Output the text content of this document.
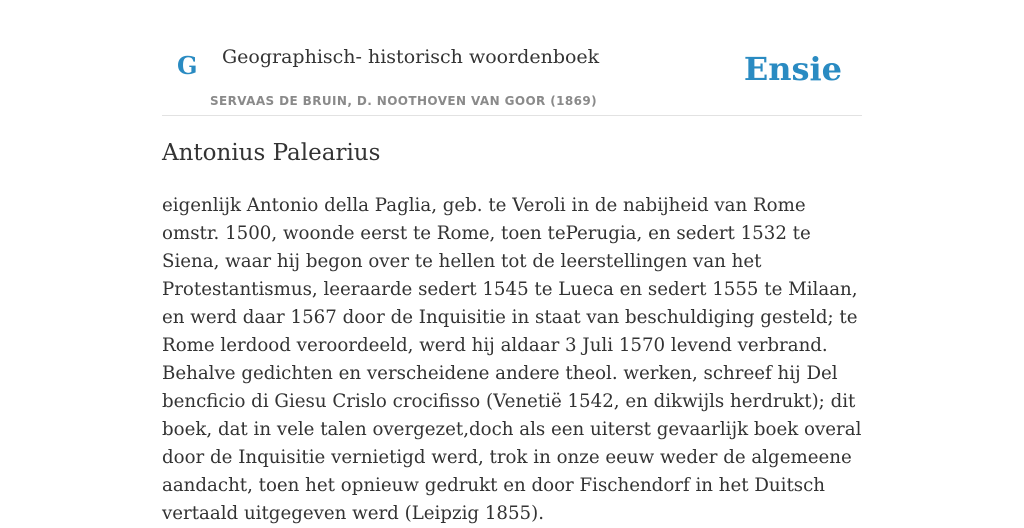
G Geographisch- historisch woordenboek
SERVAAS DE BRUIN, D. NOOTHOVEN VAN GOOR (1869)
Ensie
Antonius Palearius

eigenlijk Antonio della Paglia, geb. te Veroli in de nabijheid van Rome omstr. 1500, woonde eerst te Rome, toen tePerugia, en sedert 1532 te Siena, waar hij begon over te hellen tot de leerstellingen van het Protestantismus, leeraarde sedert 1545 te Lueca en sedert 1555 te Milaan, en werd daar 1567 door de Inquisitie in staat van beschuldiging gesteld; te Rome lerdood veroordeeld, werd hij aldaar 3 Juli 1570 levend verbrand. Behalve gedichten en verscheidene andere theol. werken, schreef hij Del bencficio di Giesu Crislo crocifisso (Venetië 1542, en dikwijls herdrukt); dit boek, dat in vele talen overgezet,doch als een uiterst gevaarlijk boek overal door de Inquisitie vernietigd werd, trok in onze eeuw weder de algemeene aandacht, toen het opnieuw gedrukt en door Fischendorf in het Duitsch vertaald uitgegeven werd (Leipzig 1855).
